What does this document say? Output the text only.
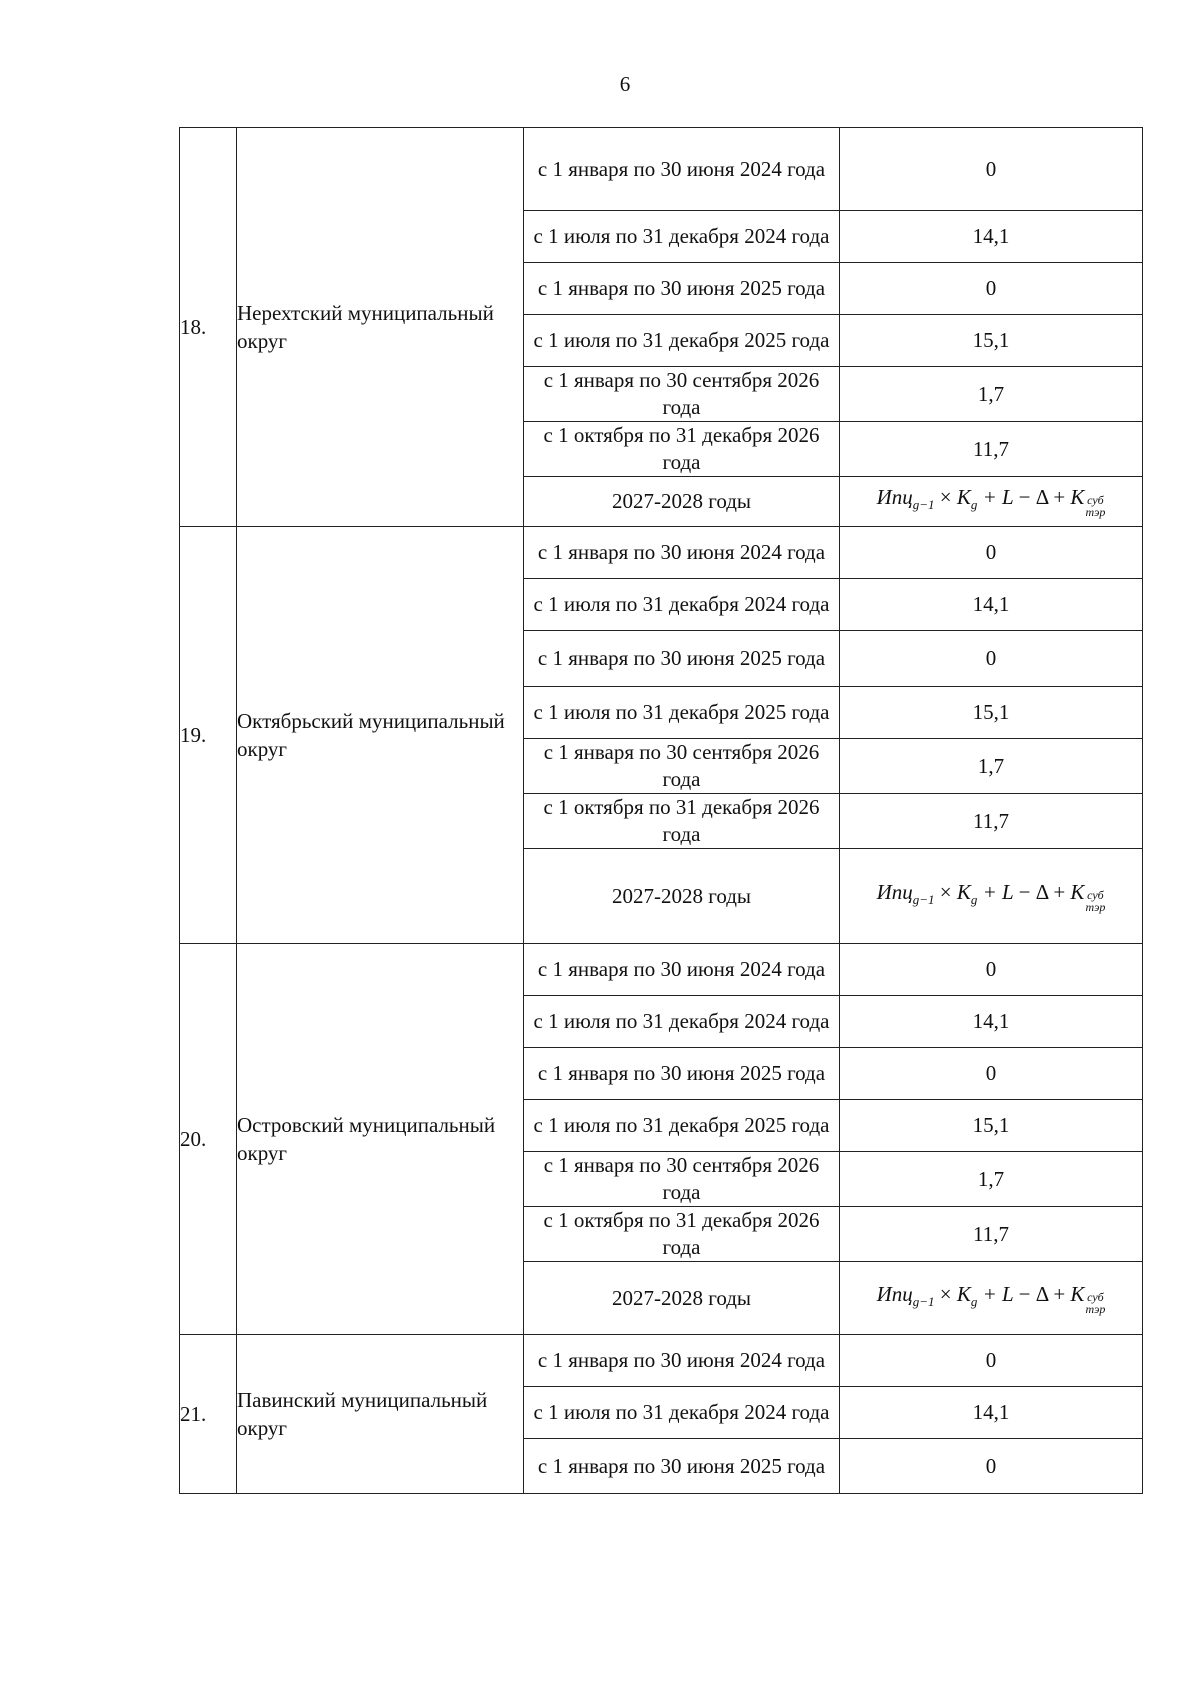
6
18.	Нерехтский муниципальный округ	с 1 января по 30 июня 2024 года	0
		с 1 июля по 31 декабря 2024 года	14,1
		с 1 января по 30 июня 2025 года	0
		с 1 июля по 31 декабря 2025 года	15,1
		с 1 января по 30 сентября 2026 года	1,7
		с 1 октября по 31 декабря 2026 года	11,7
		2027-2028 годы	$Ипц_{g-1} \times K_g + L - \Delta + K$ суб
тэр

19.	Октябрьский муниципальный округ	с 1 января по 30 июня 2024 года	0
		с 1 июля по 31 декабря 2024 года	14,1
		с 1 января по 30 июня 2025 года	0
		с 1 июля по 31 декабря 2025 года	15,1
		с 1 января по 30 сентября 2026 года	1,7
		с 1 октября по 31 декабря 2026 года	11,7
		2027-2028 годы	$Ипц_{g-1} \times K_g + L - \Delta + K$ суб
тэр

20.	Островский муниципальный округ	с 1 января по 30 июня 2024 года	0
		с 1 июля по 31 декабря 2024 года	14,1
		с 1 января по 30 июня 2025 года	0
		с 1 июля по 31 декабря 2025 года	15,1
		с 1 января по 30 сентября 2026 года	1,7
		с 1 октября по 31 декабря 2026 года	11,7
		2027-2028 годы	$Ипц_{g-1} \times K_g + L - \Delta + K$ суб
тэр

21.	Павинский муниципальный округ	с 1 января по 30 июня 2024 года	0
		с 1 июля по 31 декабря 2024 года	14,1
		с 1 января по 30 июня 2025 года	0
